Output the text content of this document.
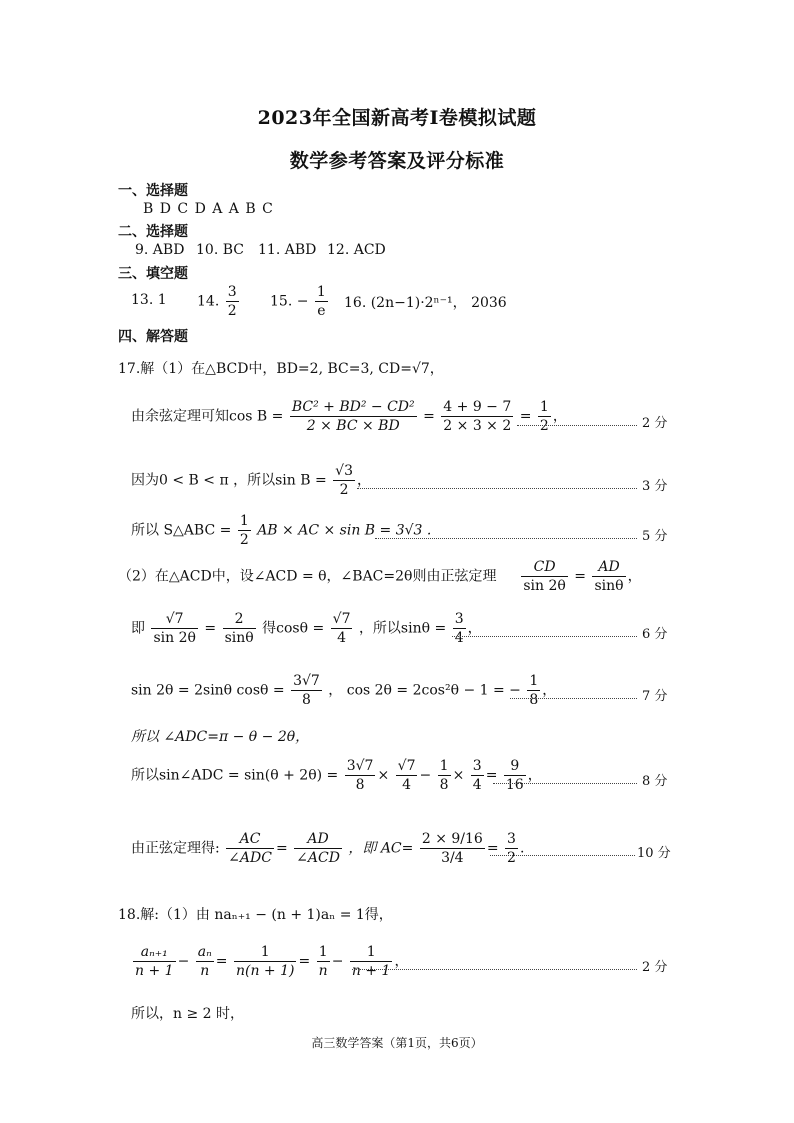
2023年全国新高考Ⅰ卷模拟试题
数学参考答案及评分标准
一、选择题
B D C D A A B C
二、选择题
9. ABD 10. BC 11. ABD 12. ACD
三、填空题
13. 1 14. $\frac{3}{2} 15$. − $\frac{1}{e} 16$. (2n−1)·2ⁿ⁻¹， 2036
四、解答题
17.解（1）在△BCD中，BD=2, BC=3, CD=√7，
由余弦定理可知$\cos B = \frac{\text{BC² + BD² − CD²}}{2 \times BC \times BD} = \frac{4 + 9 - 7}{2 \times 3 \times 2} = \frac{1}{2}$ ，	2 分
因为0 < B < π ，所以$\sin B = \frac{√3}{2}$ ，	3 分
所以 S△ABC = $\frac{1}{2}$ AB × AC × sin B = 3√3 .	5 分
（2）在△ACD中，设∠ACD = θ，∠BAC=2θ则由正弦定理 $\frac{CD}{\sin 2\theta} = \frac{AD}{\sin\theta}$ ，
即 $\frac{√7}{\sin 2\theta} = \frac{2}{\sin\theta}$ 得$\cos\theta = \frac{√7}{4}$ ，所以$\sin\theta = \frac{3}{4}$ ，	6 分
sin 2θ = 2sinθ $\cos\theta = \frac{3√7}{8}$ ， cos 2θ = 2cos²θ − 1 = − $\frac{1}{8}$ ，	7 分
所以 ∠ADC=π − θ − 2θ，
所以sin∠ADC = $\sin(\theta + 2\theta) = \frac{3√7}{8} \times \frac{√7}{4} - \frac{1}{8} \times \frac{3}{4} = \frac{9}{16}$ ，	8 分
由正弦定理得: $\frac{AC}{\text{∠ADC}} = \frac{AD}{\text{∠ACD}}$ ，即 $AC= \frac{2 \times 9/16}{3/4} = \frac{3}{2}$ .	10 分
18.解:（1）由 naₙ₊₁ − (n + 1)aₙ = 1得，
$\frac{\text{aₙ₊₁}}{n + 1} - \frac{\text{aₙ}}{n} = \frac{1}{n(n + 1)} = \frac{1}{n} - \frac{1}{n + 1}$ ，	2 分
所以，n ≥ 2 时，
高三数学答案（第1页，共6页）
